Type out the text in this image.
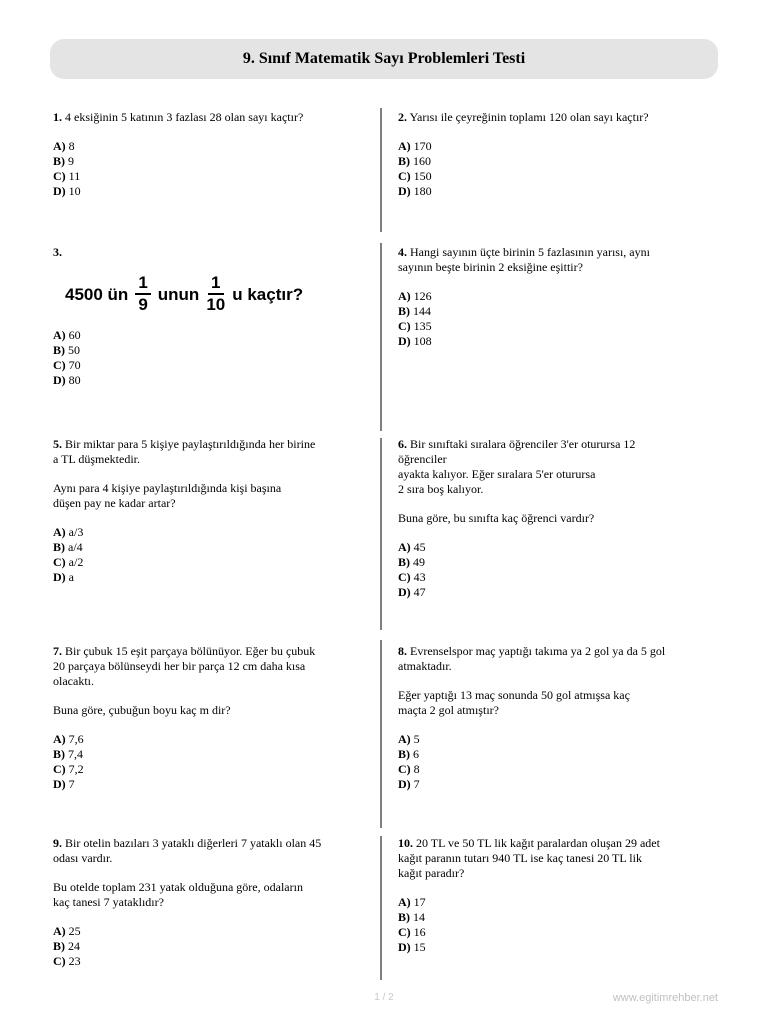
9. Sınıf Matematik Sayı Problemleri Testi

1. 4 eksiğinin 5 katının 3 fazlası 28 olan sayı kaçtır?

A) 8

B) 9

C) 11

D) 10

2. Yarısı ile çeyreğinin toplamı 120 olan sayı kaçtır?

A) 170

B) 160

C) 150

D) 180

3.

4500 ün $\frac{1}{9}$ unun $\frac{1}{10}$ u kaçtır?

A) 60

B) 50

C) 70

D) 80

4. Hangi sayının üçte birinin 5 fazlasının yarısı, aynı

sayının beşte birinin 2 eksiğine eşittir?

A) 126

B) 144

C) 135

D) 108

5. Bir miktar para 5 kişiye paylaştırıldığında her birine

a TL düşmektedir.

Aynı para 4 kişiye paylaştırıldığında kişi başına

düşen pay ne kadar artar?

A) a/3

B) a/4

C) a/2

D) a

6. Bir sınıftaki sıralara öğrenciler 3'er oturursa 12

öğrenciler

ayakta kalıyor. Eğer sıralara 5'er oturursa

2 sıra boş kalıyor.

Buna göre, bu sınıfta kaç öğrenci vardır?

A) 45

B) 49

C) 43

D) 47

7. Bir çubuk 15 eşit parçaya bölünüyor. Eğer bu çubuk

20 parçaya bölünseydi her bir parça 12 cm daha kısa

olacaktı.

Buna göre, çubuğun boyu kaç m dir?

A) 7,6

B) 7,4

C) 7,2

D) 7

8. Evrenselspor maç yaptığı takıma ya 2 gol ya da 5 gol

atmaktadır.

Eğer yaptığı 13 maç sonunda 50 gol atmışsa kaç

maçta 2 gol atmıştır?

A) 5

B) 6

C) 8

D) 7

9. Bir otelin bazıları 3 yataklı diğerleri 7 yataklı olan 45

odası vardır.

Bu otelde toplam 231 yatak olduğuna göre, odaların

kaç tanesi 7 yataklıdır?

A) 25

B) 24

C) 23

10. 20 TL ve 50 TL lik kağıt paralardan oluşan 29 adet

kağıt paranın tutarı 940 TL ise kaç tanesi 20 TL lik

kağıt paradır?

A) 17

B) 14

C) 16

D) 15

1 / 2	www.egitimrehber.net
